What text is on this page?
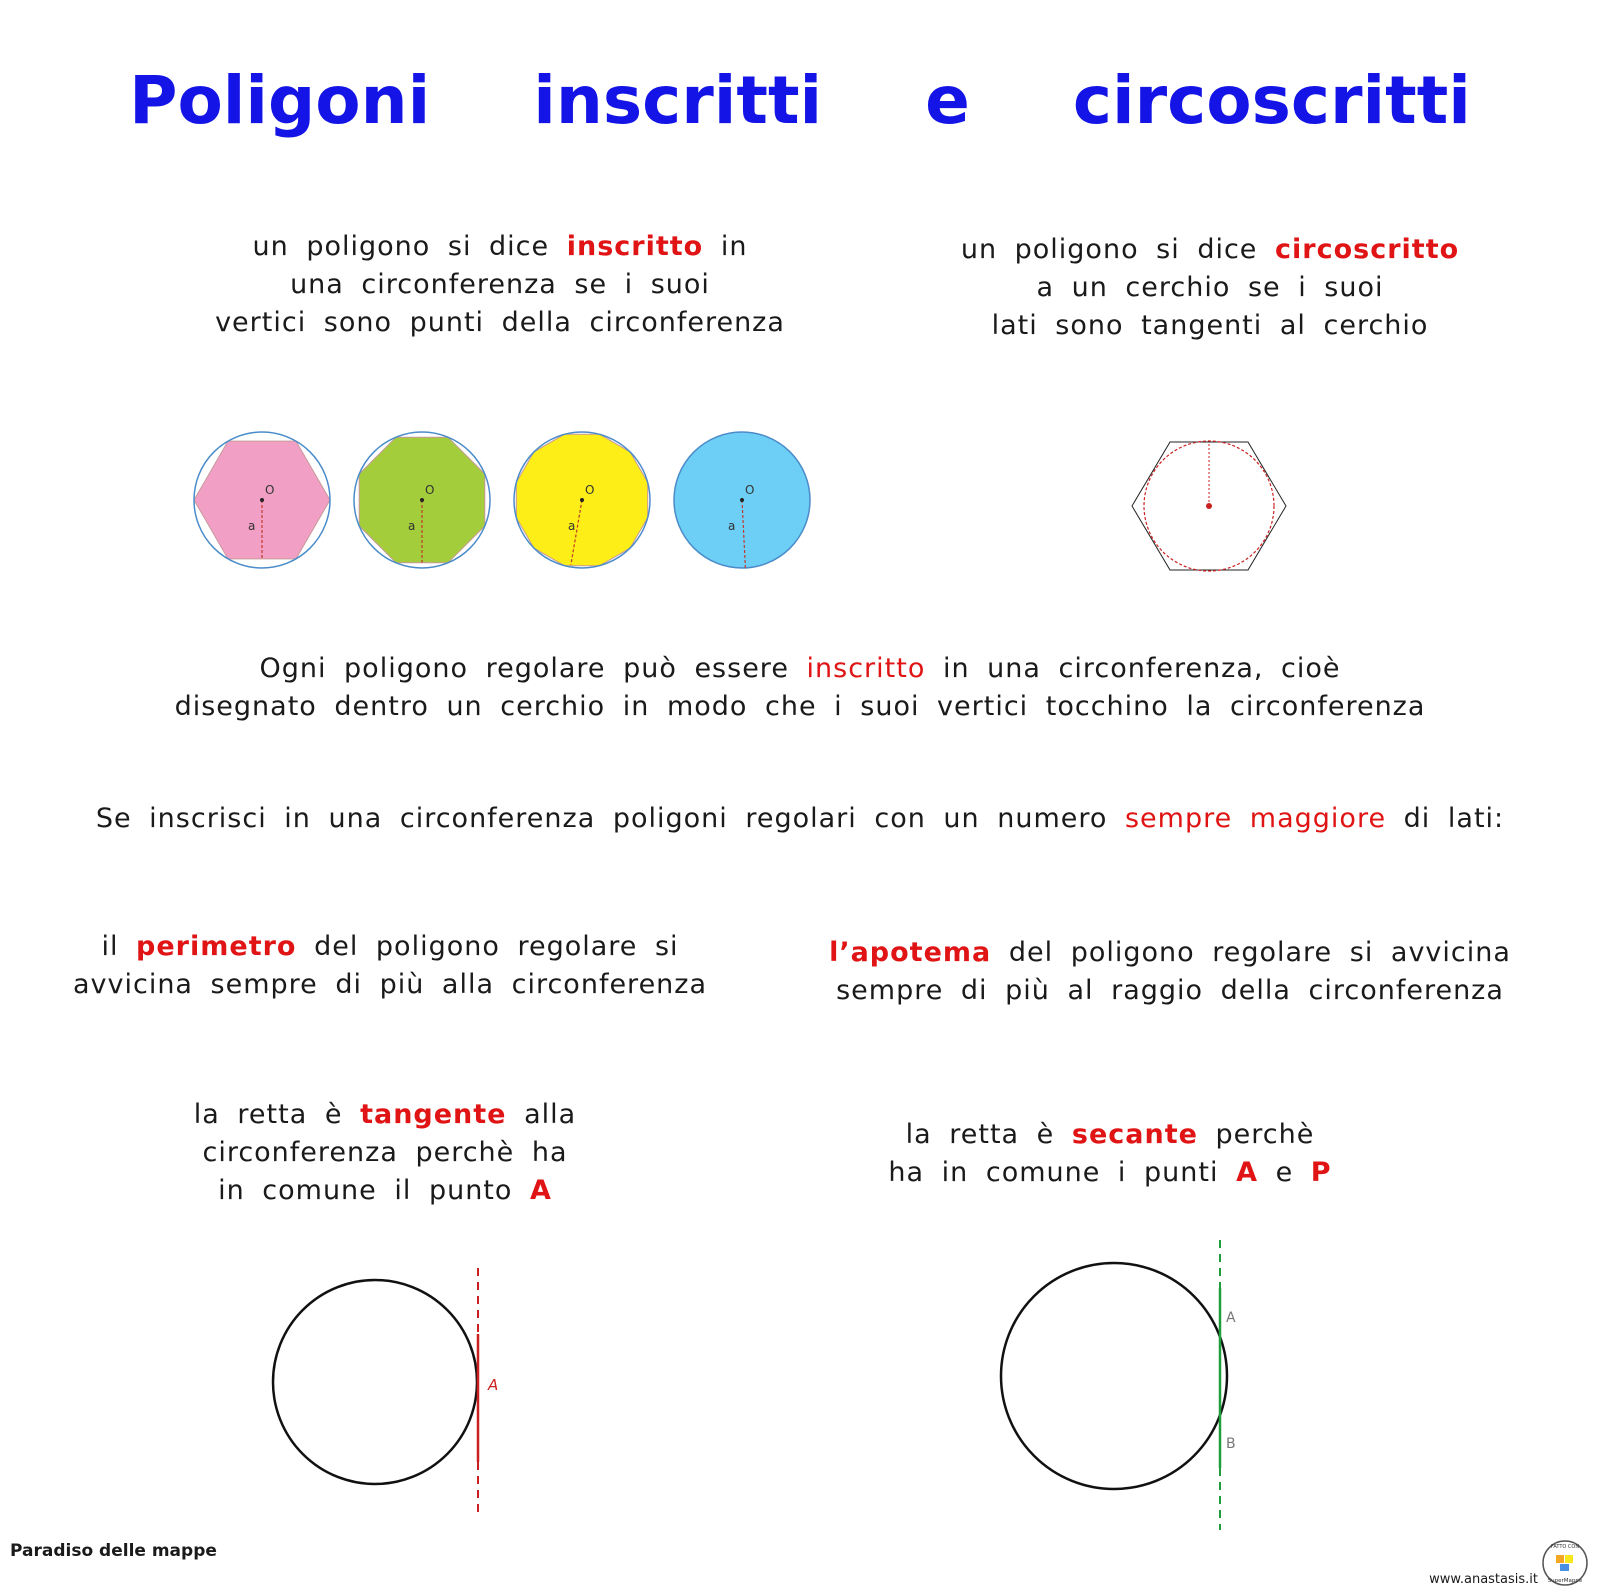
Poligoni inscritti e circoscritti
un poligono si dice inscritto in
una circonferenza se i suoi
vertici sono punti della circonferenza
un poligono si dice circoscritto
a un cerchio se i suoi
lati sono tangenti al cerchio
O
a
O
a
O
a
O
a
Ogni poligono regolare può essere inscritto in una circonferenza, cioè
disegnato dentro un cerchio in modo che i suoi vertici tocchino la circonferenza
Se inscrisci in una circonferenza poligoni regolari con un numero sempre maggiore di lati:
il perimetro del poligono regolare si
avvicina sempre di più alla circonferenza
l’apotema del poligono regolare si avvicina
sempre di più al raggio della circonferenza
la retta è tangente alla
circonferenza perchè ha
in comune il punto A
la retta è secante perchè
ha in comune i punti A e P
A
A
B
Paradiso delle mappe
www.anastasis.it
FATTO CON
SuperMappe
